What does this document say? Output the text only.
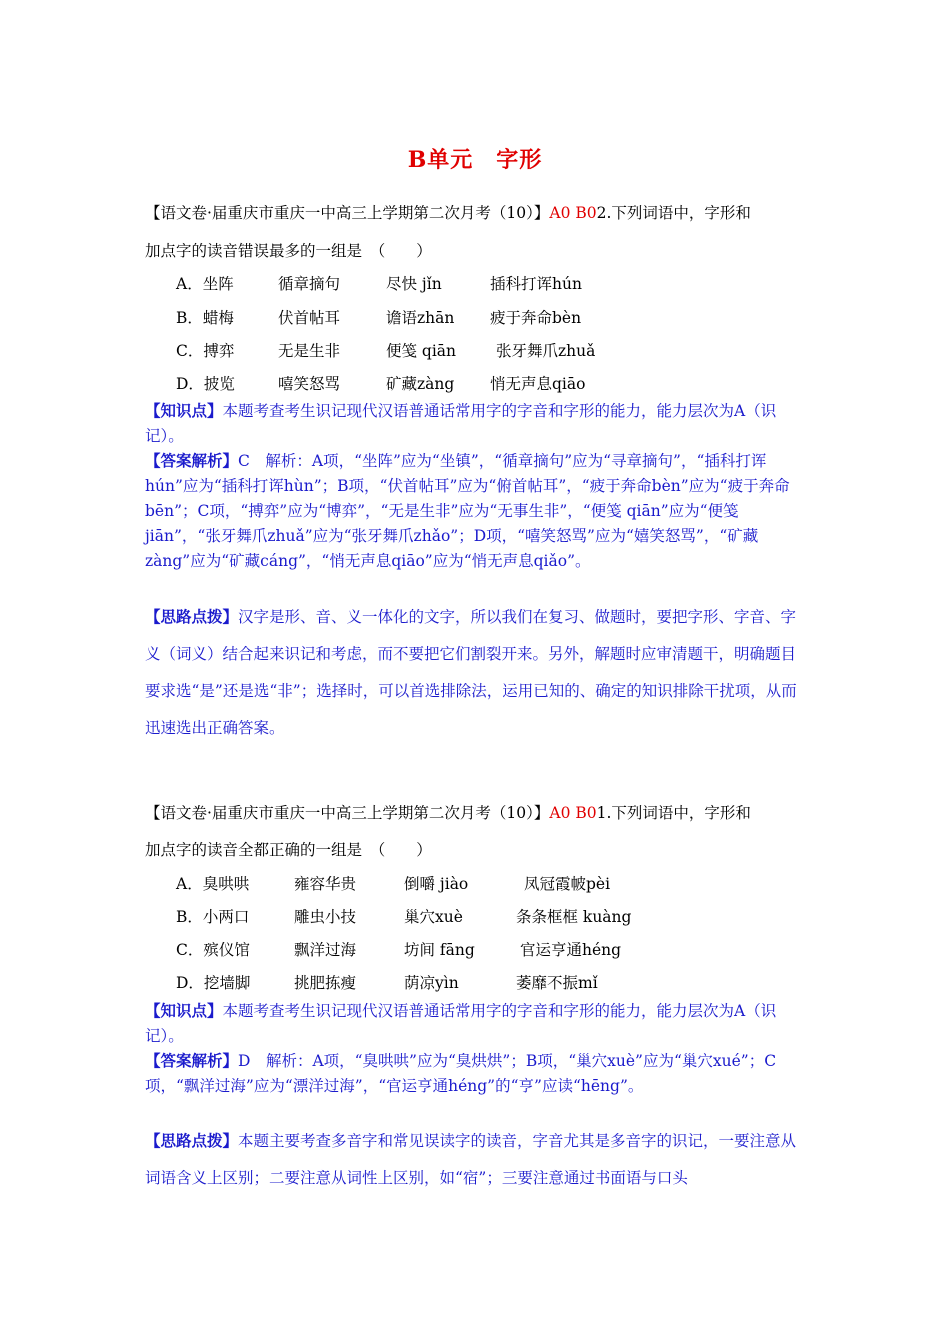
B单元　字形
【语文卷·届重庆市重庆一中高三上学期第二次月考（10）】A0 B02.下列词语中，字形和
加点字的读音错误最多的一组是　（　　）
A．坐阵	循章摘句	尽快 jǐn	插科打诨hún
B．蜡梅	伏首帖耳	谵语zhān 疲于奔命bèn
C．搏弈	无是生非	便笺 qiān	张牙舞爪zhuǎ
D．披览	嘻笑怒骂	矿藏zàng 悄无声息qiāo
【知识点】本题考查考生识记现代汉语普通话常用字的字音和字形的能力，能力层次为A（识记）。
【答案解析】C　解析：A项，“坐阵”应为“坐镇”，“循章摘句”应为“寻章摘句”，“插科打诨hún”应为“插科打诨hùn”；B项，“伏首帖耳”应为“俯首帖耳”，“疲于奔命bèn”应为“疲于奔命bēn”；C项，“搏弈”应为“博弈”，“无是生非”应为“无事生非”，“便笺 qiān”应为“便笺jiān”，“张牙舞爪zhuǎ”应为“张牙舞爪zhǎo”；D项，“嘻笑怒骂”应为“嬉笑怒骂”，“矿藏zàng”应为“矿藏cáng”，“悄无声息qiāo”应为“悄无声息qiǎo”。
【思路点拨】汉字是形、音、义一体化的文字，所以我们在复习、做题时，要把字形、字音、字义（词义）结合起来识记和考虑，而不要把它们割裂开来。另外，解题时应审清题干，明确题目要求选“是”还是选“非”；选择时，可以首选排除法，运用已知的、确定的知识排除干扰项，从而迅速选出正确答案。
【语文卷·届重庆市重庆一中高三上学期第二次月考（10）】A0 B01.下列词语中，字形和
加点字的读音全都正确的一组是　（　　）
A．臭哄哄	雍容华贵	倒嚼 jiào	凤冠霞帔pèi
B．小两口	雕虫小技	巢穴xuè	条条框框 kuàng
C．殡仪馆	飘洋过海	坊间 fāng	官运亨通héng
D．挖墙脚	挑肥拣瘦	荫凉yìn	萎靡不振mǐ
【知识点】本题考查考生识记现代汉语普通话常用字的字音和字形的能力，能力层次为A（识记）。
【答案解析】D　解析：A项，“臭哄哄”应为“臭烘烘”；B项，“巢穴xuè”应为“巢穴xué”；C项，“飘洋过海”应为“漂洋过海”，“官运亨通héng”的“亨”应读“hēng”。
【思路点拨】本题主要考查多音字和常见误读字的读音，字音尤其是多音字的识记，一要注意从词语含义上区别；二要注意从词性上区别，如“宿”；三要注意通过书面语与口头
